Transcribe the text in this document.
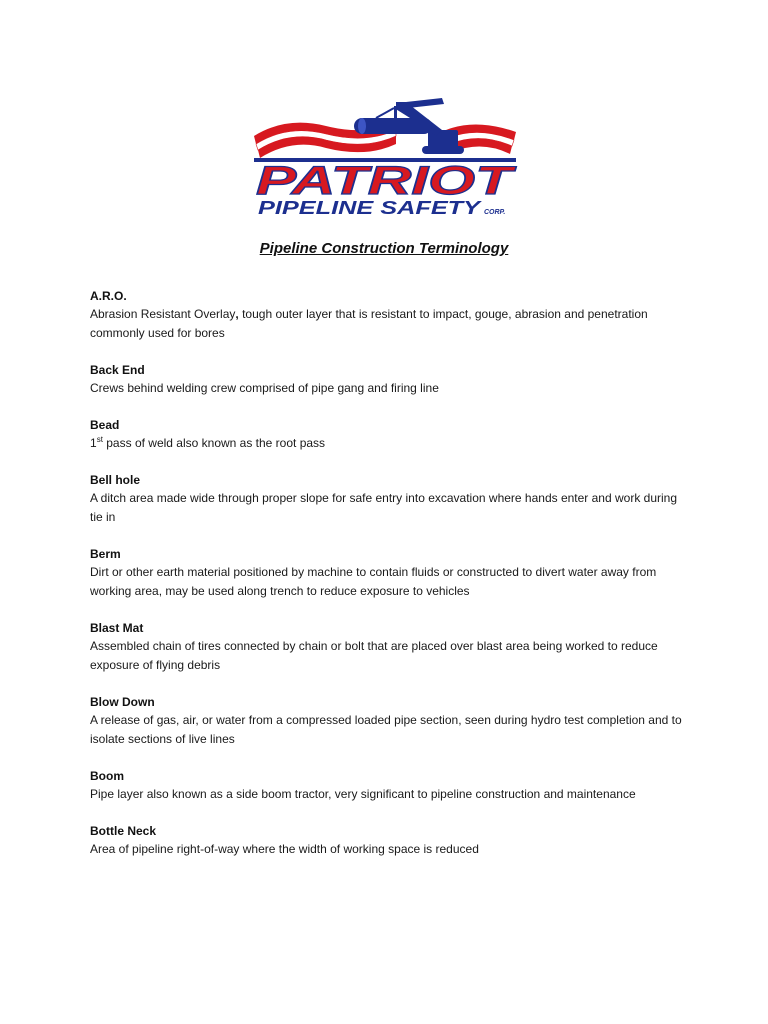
PATRIOT
PIPELINE SAFETY CORP.
Pipeline Construction Terminology
A.R.O.
Abrasion Resistant Overlay, tough outer layer that is resistant to impact, gouge, abrasion and penetration commonly used for bores
Back End
Crews behind welding crew comprised of pipe gang and firing line
Bead
1st pass of weld also known as the root pass
Bell hole
A ditch area made wide through proper slope for safe entry into excavation where hands enter and work during tie in
Berm
Dirt or other earth material positioned by machine to contain fluids or constructed to divert water away from working area, may be used along trench to reduce exposure to vehicles
Blast Mat
Assembled chain of tires connected by chain or bolt that are placed over blast area being worked to reduce exposure of flying debris
Blow Down
A release of gas, air, or water from a compressed loaded pipe section, seen during hydro test completion and to isolate sections of live lines
Boom
Pipe layer also known as a side boom tractor, very significant to pipeline construction and maintenance
Bottle Neck
Area of pipeline right-of-way where the width of working space is reduced
